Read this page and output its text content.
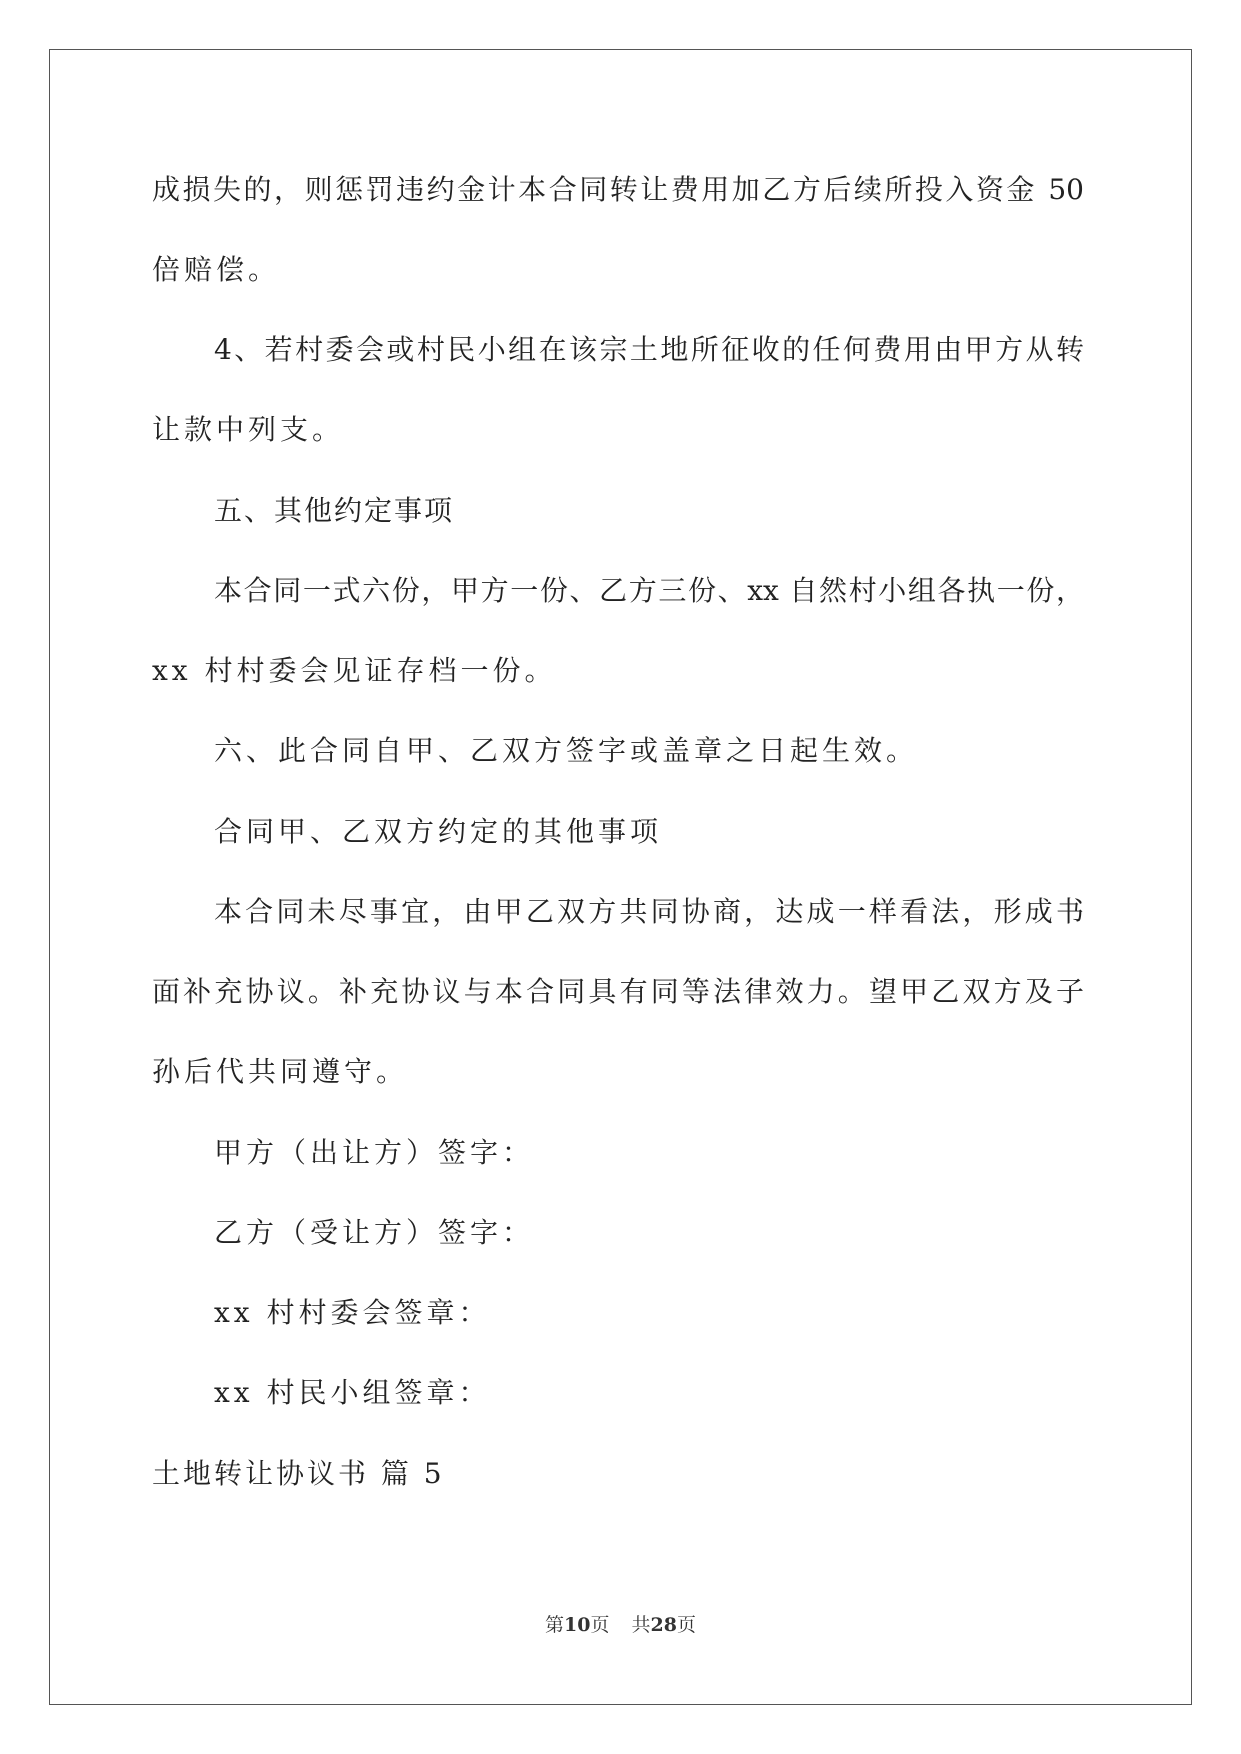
成损失的，则惩罚违约金计本合同转让费用加乙方后续所投入资金 50
倍赔偿。
4、若村委会或村民小组在该宗土地所征收的任何费用由甲方从转
让款中列支。
五、其他约定事项
本合同一式六份，甲方一份、乙方三份、xx 自然村小组各执一份，
xx 村村委会见证存档一份。
六、此合同自甲、乙双方签字或盖章之日起生效。
合同甲、乙双方约定的其他事项
本合同未尽事宜，由甲乙双方共同协商，达成一样看法，形成书
面补充协议。补充协议与本合同具有同等法律效力。望甲乙双方及子
孙后代共同遵守。
甲方（出让方）签字：
乙方（受让方）签字：
xx 村村委会签章：
xx 村民小组签章：
土地转让协议书 篇 5
第10页 共28页
